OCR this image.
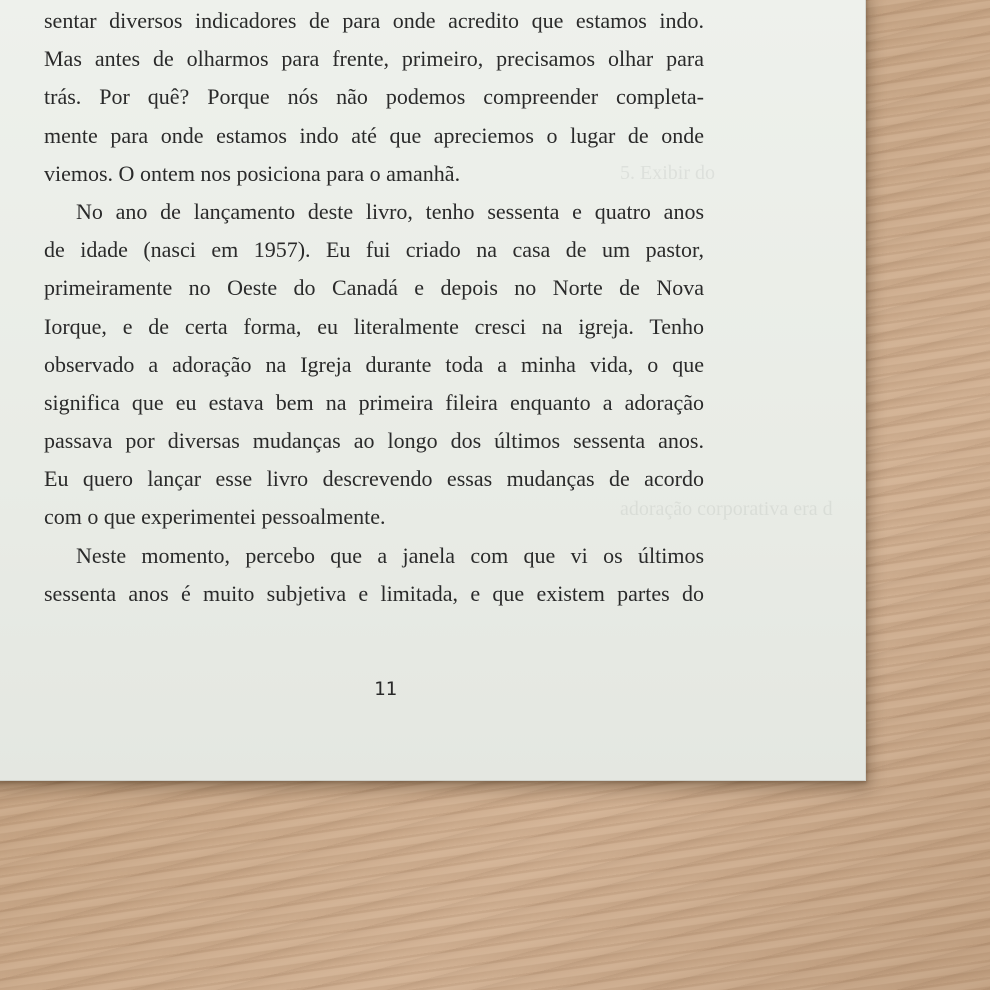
5. Exibir do
adoração corporativa era d
sentar diversos indicadores de para onde acredito que estamos indo.
Mas antes de olharmos para frente, primeiro, precisamos olhar para
trás. Por quê? Porque nós não podemos compreender completa-
mente para onde estamos indo até que apreciemos o lugar de onde
viemos. O ontem nos posiciona para o amanhã.
No ano de lançamento deste livro, tenho sessenta e quatro anos
de idade (nasci em 1957). Eu fui criado na casa de um pastor,
primeiramente no Oeste do Canadá e depois no Norte de Nova
Iorque, e de certa forma, eu literalmente cresci na igreja. Tenho
observado a adoração na Igreja durante toda a minha vida, o que
significa que eu estava bem na primeira fileira enquanto a adoração
passava por diversas mudanças ao longo dos últimos sessenta anos.
Eu quero lançar esse livro descrevendo essas mudanças de acordo
com o que experimentei pessoalmente.
Neste momento, percebo que a janela com que vi os últimos
sessenta anos é muito subjetiva e limitada, e que existem partes do
11
